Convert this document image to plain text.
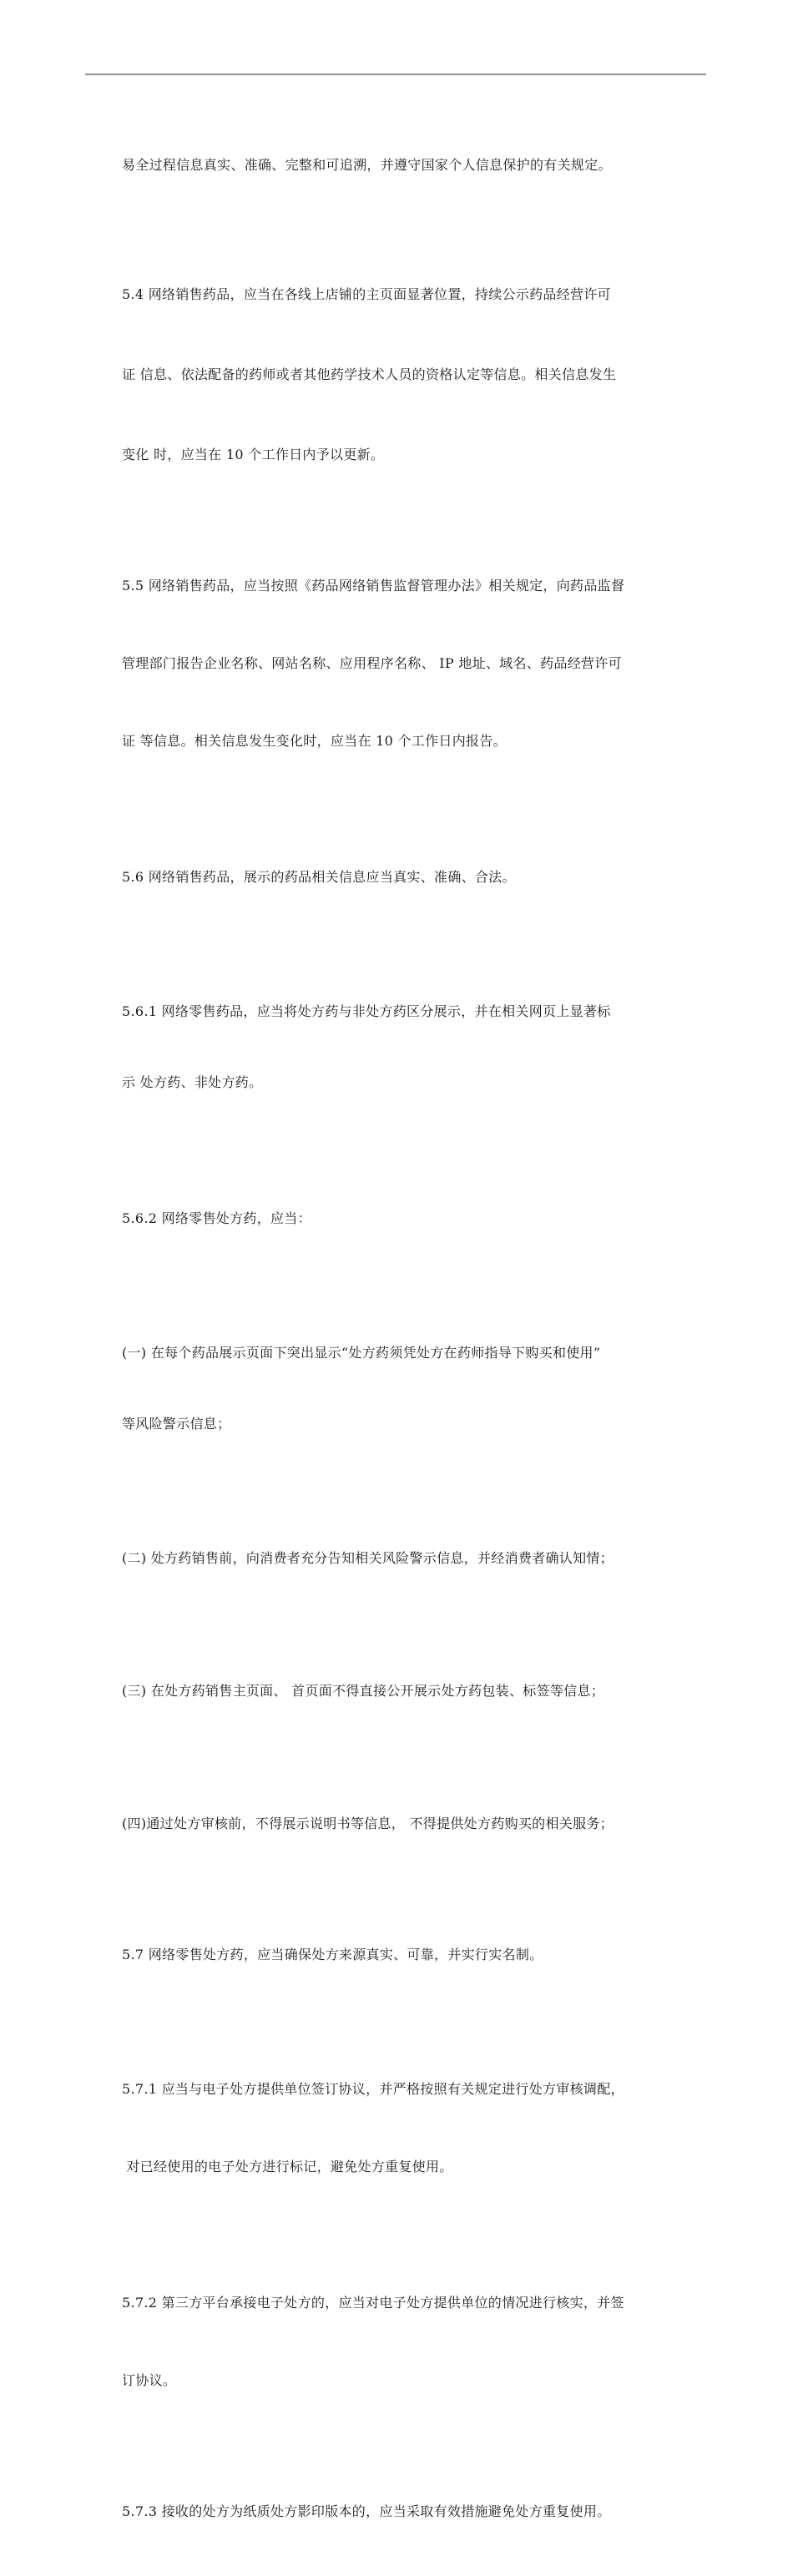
易全过程信息真实、准确、完整和可追溯，并遵守国家个人信息保护的有关规定。

5.4 网络销售药品，应当在各线上店铺的主页面显著位置，持续公示药品经营许可

证 信息、依法配备的药师或者其他药学技术人员的资格认定等信息。相关信息发生

变化 时，应当在 10 个工作日内予以更新。

5.5 网络销售药品，应当按照《药品网络销售监督管理办法》相关规定，向药品监督

管理部门报告企业名称、网站名称、应用程序名称、 IP 地址、域名、药品经营许可

证 等信息。相关信息发生变化时，应当在 10 个工作日内报告。

5.6 网络销售药品，展示的药品相关信息应当真实、准确、合法。

5.6.1 网络零售药品，应当将处方药与非处方药区分展示，并在相关网页上显著标

示 处方药、非处方药。

5.6.2 网络零售处方药，应当：

(一) 在每个药品展示页面下突出显示“处方药须凭处方在药师指导下购买和使用”

等风险警示信息；

(二) 处方药销售前，向消费者充分告知相关风险警示信息，并经消费者确认知情；

(三) 在处方药销售主页面、 首页面不得直接公开展示处方药包装、标签等信息；

(四)通过处方审核前，不得展示说明书等信息， 不得提供处方药购买的相关服务；

5.7 网络零售处方药，应当确保处方来源真实、可靠，并实行实名制。

5.7.1 应当与电子处方提供单位签订协议，并严格按照有关规定进行处方审核调配，

对已经使用的电子处方进行标记，避免处方重复使用。

5.7.2 第三方平台承接电子处方的，应当对电子处方提供单位的情况进行核实，并签

订协议。

5.7.3 接收的处方为纸质处方影印版本的，应当采取有效措施避免处方重复使用。
